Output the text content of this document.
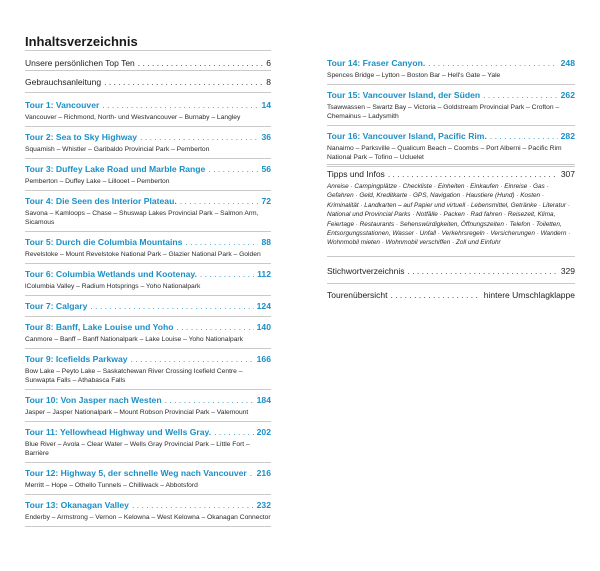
Inhaltsverzeichnis
Unsere persönlichen Top Ten . . .	6
Gebrauchsanleitung . . .	8
Tour 1: Vancouver . . .	14
Vancouver – Richmond, North- und Westvancouver – Burnaby – Langley
Tour 2: Sea to Sky Highway . . .	36
Squamish – Whistler – Garibaldo Provincial Park – Pemberton
Tour 3: Duffey Lake Road und Marble Range . . .	56
Pemberton – Duffey Lake – Lillooet – Pemberton
Tour 4: Die Seen des Interior Plateau. . . .	72
Savona – Kamloops – Chase – Shuswap Lakes Provincial Park – Salmon Arm, Sicamous
Tour 5: Durch die Columbia Mountains . . .	88
Revelstoke – Mount Revelstoke National Park – Glazier National Park – Golden
Tour 6: Columbia Wetlands und Kootenay. . . .	112
lColumbia Valley – Radium Hotsprings – Yoho Nationalpark
Tour 7: Calgary . . .	124
Tour 8: Banff, Lake Louise und Yoho . . .	140
Canmore – Banff – Banff Nationalpark – Lake Louise – Yoho Nationalpark
Tour 9: Icefields Parkway . . .	166
Bow Lake – Peyto Lake – Saskatchewan River Crossing Icefield Centre – Sunwapta Falls – Athabasca Falls
Tour 10: Von Jasper nach Westen . . .	184
Jasper – Jasper Nationalpark – Mount Robson Provincial Park – Valemount
Tour 11: Yellowhead Highway und Wells Gray. . . .	202
Blue River – Avola – Clear Water – Wells Gray Provincial Park – Little Fort – Barrière
Tour 12: Highway 5, der schnelle Weg nach Vancouver . . . 216
Merritt – Hope – Othello Tunnels – Chilliwack – Abbotsford
Tour 13: Okanagan Valley . . .	232
Enderby – Armstrong – Vernon – Kelowna – West Kelowna – Okanagan Connector
Tour 14: Fraser Canyon. . . .	248
Spences Bridge – Lytton – Boston Bar – Hell's Gate – Yale
Tour 15: Vancouver Island, der Süden . . .	262
Tsawwassen – Swartz Bay – Victoria – Goldstream Provincial Park – Crofton – Chemainus – Ladysmith
Tour 16: Vancouver Island, Pacific Rim. . . .	282
Nanaimo – Parksville – Qualicum Beach – Coombs – Port Alberni – Pacific Rim National Park – Tofino – Ucluelet
Tipps und Infos . . .	307
Anreise · Campingplätze · Checkliste · Einheiten · Einkaufen · Einreise · Gas · Gefahren · Geld, Kreditkarte · GPS, Navigation · Haustiere (Hund) · Kosten · Kriminalität · Landkarten – auf Papier und virtuell · Lebensmittel, Getränke · Literatur · National und Provincial Parks · Notfälle · Packen · Rad fahren · Reisezeit, Klima, Feiertage · Restaurants · Sehenswürdigkeiten, Öffnungszeiten · Telefon · Toiletten, Entsorgungsstationen, Wasser · Unfall · Verkehrsregeln · Versicherungen · Wandern · Wohnmobil mieten · Wohnmobil verschiffen · Zoll und Einfuhr
Stichwortverzeichnis . . .	329
Tourenübersicht . . .	hintere Umschlagklappe
